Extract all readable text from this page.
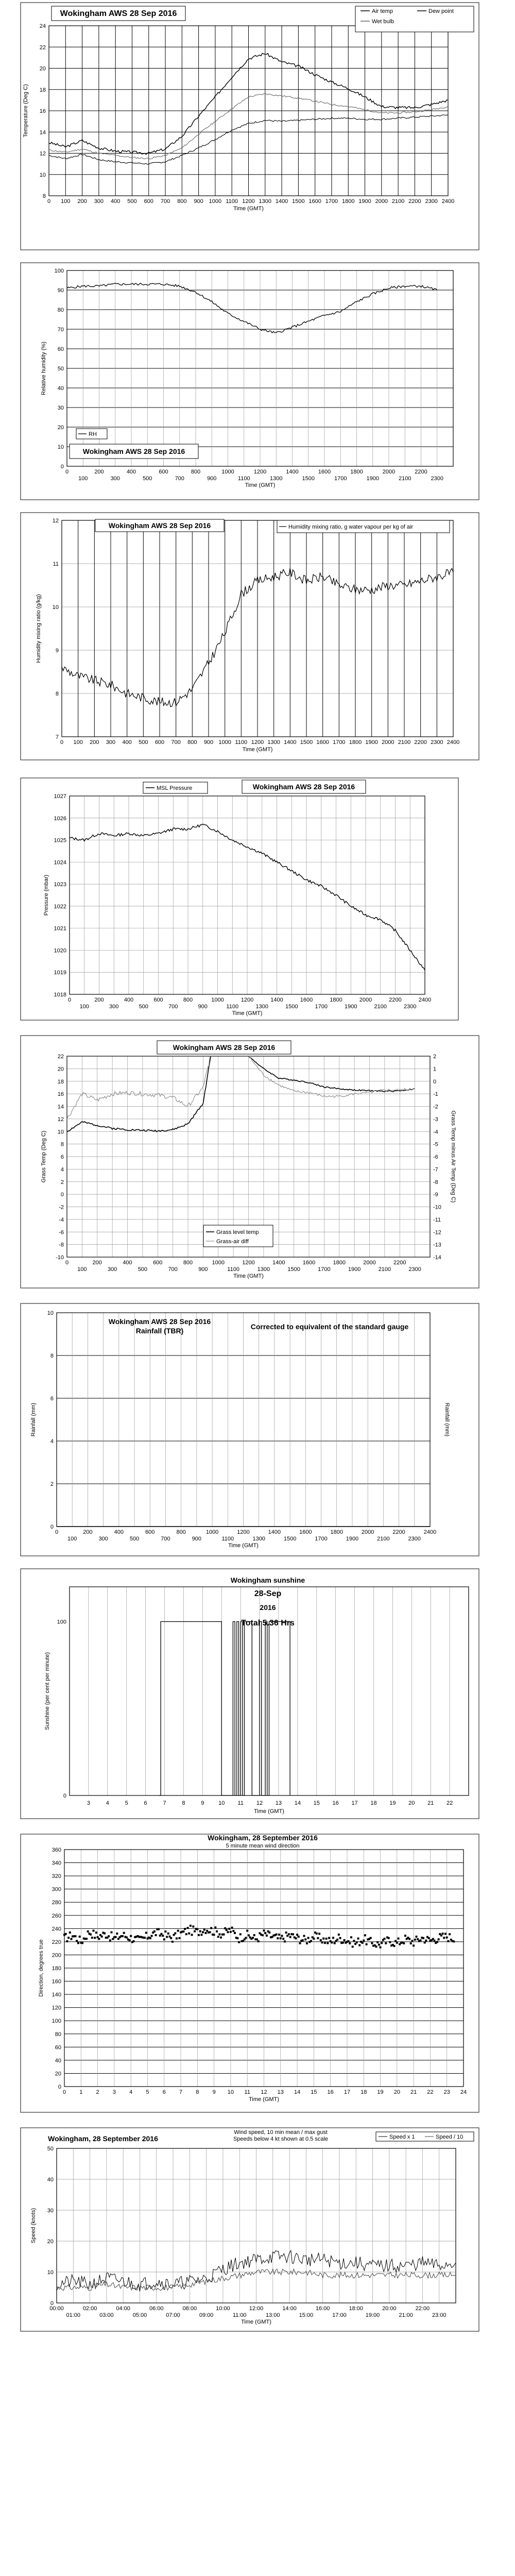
8
10
12
14
16
18
20
22
24
0 100 200 300 400 500 600 700 800 900 1000 1100 1200 1300 1400 1500 1600 1700 1800 1900 2000 2100 2200 2300 2400
Time (GMT)
Temperature (Deg C)
Wokingham AWS 28 Sep 2016	Air temp	Dew point
Wet bulb
0
10
20
30
40
50
60
70
80
90
100
0	200	400	600	800	1000	1200	1400	1600	1800	2000	2200
100	300	500	700	900	1100	1300	1500	1700	1900	2100	2300
Time (GMT)
Relative humidity (%)
RH
Wokingham AWS 28 Sep 2016
7
8
9
10
11
12
0 100 200 300 400 500 600 700 800 900 1000 1100 1200 1300 1400 1500 1600 1700 1800 1900 2000 2100 2200 2300 2400
Time (GMT)
Humidity mixing ratio (g/kg)
Wokingham AWS 28 Sep 2016	Humidity mixing ratio, g water vapour per kg of air
1018
1019
1020
1021
1022
1023
1024
1025
1026
1027
0	200	400	600	800	1000	1200	1400	1600	1800	2000	2200	2400
100	300	500	700	900	1100	1300	1500	1700	1900	2100	2300
Time (GMT)
Pressure (mbar)
MSL Pressure	Wokingham AWS 28 Sep 2016
-10
-8
-6
-4
-2
0
2
4
6
8
10
12
14
16
18
20
22
0	200	400	600	800	1000	1200	1400	1600	1800	2000	2200
100	300	500	700	900	1100	1300	1500	1700	1900	2100	2300
Time (GMT)
Grass Temp (Deg C)
-14
-13
-12
-11
-10
-9
-8
-7
-6
-5
-4
-3
-2
-1
0
1
2
Grass Temp minus Air Temp (Deg C)
Wokingham AWS 28 Sep 2016
Grass level temp
Grass-air diff
0
2
4
6
8
10
0	200	400	600	800	1000	1200	1400	1600	1800	2000	2200	2400
100	300	500	700	900	1100	1300	1500	1700	1900	2100	2300
Time (GMT)
Rainfall (mm)	Rainfall (mm)
Wokingham AWS 28 Sep 2016
Rainfall (TBR)	Corrected to equivalent of the standard gauge
0
100
3	4	5	6	7	8	9	10 11 12 13 14 15 16 17 18 19 20 21 22
Time (GMT)
Sunshine (per cent per minute)
Wokingham sunshine
28-Sep
2016
Total 5.36 Hrs
0
20
40
60
80
100
120
140
160
180
200
220
240
260
280
300
320
340
360
0 1 2 3 4 5 6 7 8 9 10 11 12 13 14 15 16 17 18 19 20 21 22 23 24
Time (GMT)
Direction, degrees true
Wokingham, 28 September 2016
5 minute mean wind direction
0
10
20
30
40
50
00:00	02:00	04:00	06:00	08:00	10:00	12:00	14:00	16:00	18:00	20:00	22:00
01:00	03:00	05:00	07:00	09:00	11:00	13:00	15:00	17:00	19:00	21:00	23:00
Time (GMT)
Speed (knots)
Wokingham, 28 September 2016
Wind speed, 10 min mean / max gust
Speeds below 4 kt shown at 0.5 scale	Speed x 1	Speed / 10
